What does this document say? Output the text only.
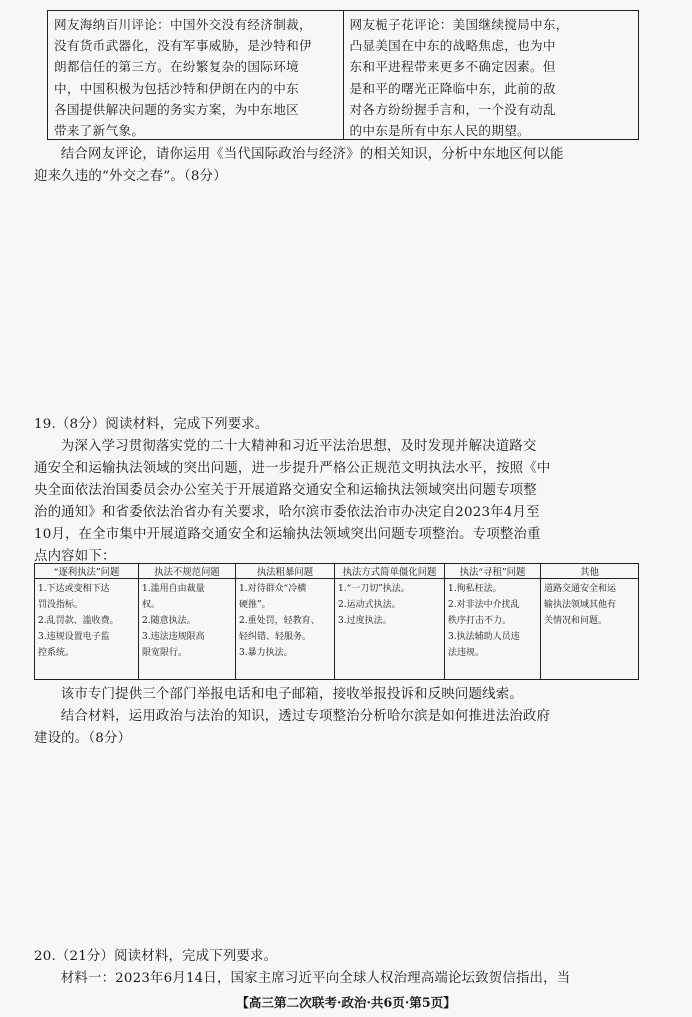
网友海纳百川评论：中国外交没有经济制裁，
没有货币武器化，没有军事威胁，是沙特和伊
朗都信任的第三方。在纷繁复杂的国际环境
中，中国积极为包括沙特和伊朗在内的中东
各国提供解决问题的务实方案，为中东地区
带来了新气象。
网友栀子花评论：美国继续搅局中东，
凸显美国在中东的战略焦虑，也为中
东和平进程带来更多不确定因素。但
是和平的曙光正降临中东，此前的敌
对各方纷纷握手言和，一个没有动乱
的中东是所有中东人民的期望。
结合网友评论，请你运用《当代国际政治与经济》的相关知识，分析中东地区何以能
迎来久违的“外交之春”。（8分）
19.（8分）阅读材料，完成下列要求。
为深入学习贯彻落实党的二十大精神和习近平法治思想，及时发现并解决道路交
通安全和运输执法领域的突出问题，进一步提升严格公正规范文明执法水平，按照《中
央全面依法治国委员会办公室关于开展道路交通安全和运输执法领域突出问题专项整
治的通知》和省委依法治省办有关要求，哈尔滨市委依法治市办决定自2023年4月至
10月，在全市集中开展道路交通安全和运输执法领域突出问题专项整治。专项整治重
点内容如下：
“逐利执法”问题	执法不规范问题	执法粗暴问题	执法方式简单僵化问题	执法“寻租”问题	其他

1.下达或变相下达
罚没指标。
2.乱罚款、滥收费。
3.违规设置电子监
控系统。	1.滥用自由裁量
权。
2.随意执法。
3.违法违规限高
限宽限行。	1.对待群众“冷横
硬推”。
2.重处罚，轻教育、
轻纠错、轻服务。
3.暴力执法。	1.“一刀切”执法。
2.运动式执法。
3.过度执法。	1.徇私枉法。
2.对非法中介扰乱
秩序打击不力。
3.执法辅助人员违
法违规。	道路交通安全和运
输执法领域其他有
关情况和问题。
该市专门提供三个部门举报电话和电子邮箱，接收举报投诉和反映问题线索。
结合材料，运用政治与法治的知识，透过专项整治分析哈尔滨是如何推进法治政府
建设的。（8分）
20.（21分）阅读材料，完成下列要求。
材料一：2023年6月14日，国家主席习近平向全球人权治理高端论坛致贺信指出，当
【高三第二次联考·政治·共6页·第5页】
